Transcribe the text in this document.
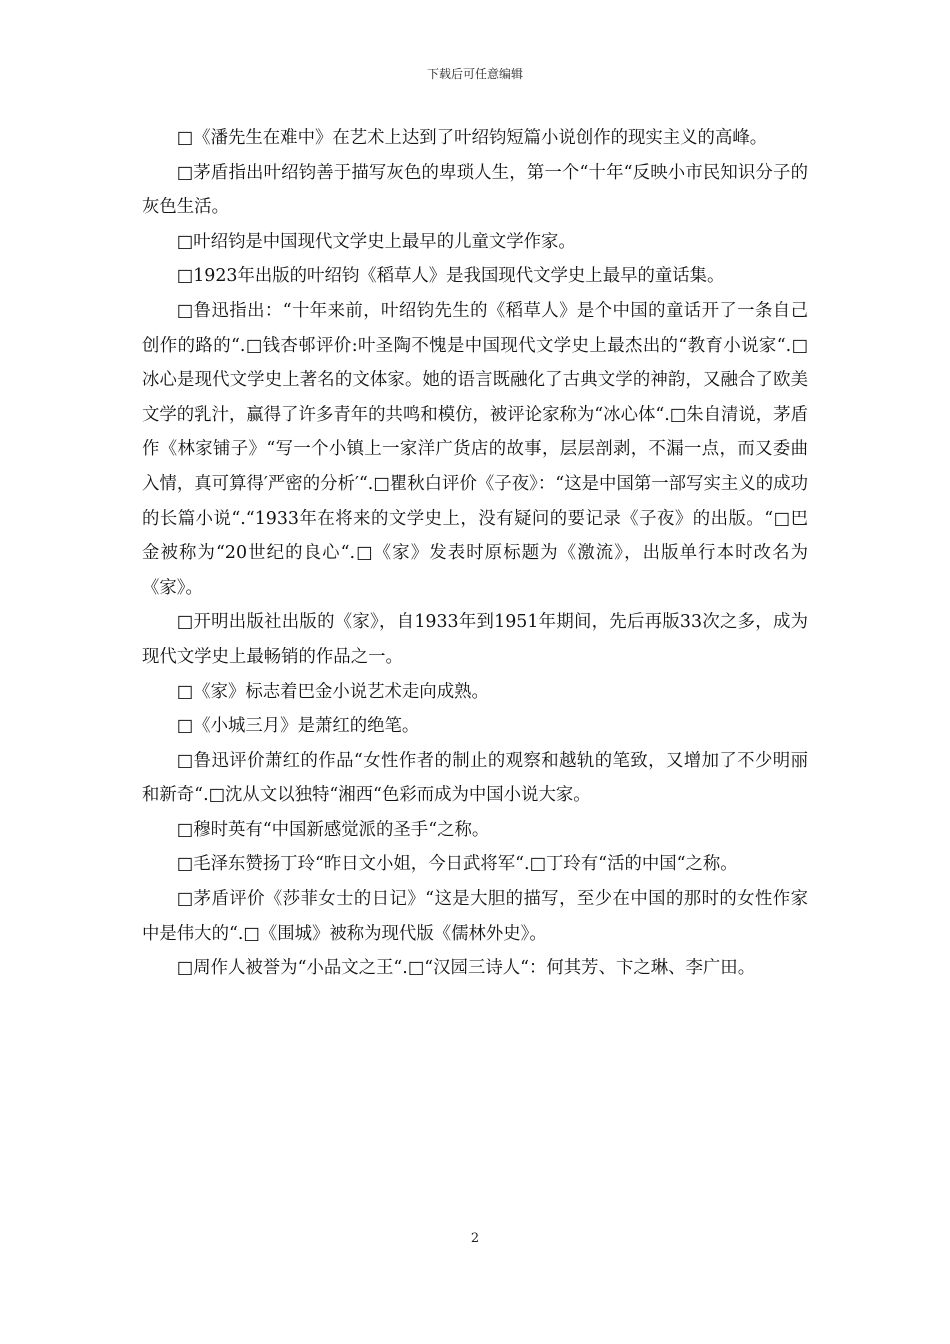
下载后可任意编辑

□《潘先生在难中》在艺术上达到了叶绍钧短篇小说创作的现实主义的高峰。

□茅盾指出叶绍钧善于描写灰色的卑琐人生，第一个“十年“反映小市民知识分子的灰色生活。

□叶绍钧是中国现代文学史上最早的儿童文学作家。

□1923年出版的叶绍钧《稻草人》是我国现代文学史上最早的童话集。

□鲁迅指出：“十年来前，叶绍钧先生的《稻草人》是个中国的童话开了一条自己创作的路的“.□钱杏邨评价:叶圣陶不愧是中国现代文学史上最杰出的“教育小说家“.□冰心是现代文学史上著名的文体家。她的语言既融化了古典文学的神韵，又融合了欧美文学的乳汁，赢得了许多青年的共鸣和模仿，被评论家称为“冰心体“.□朱自清说，茅盾作《林家铺子》“写一个小镇上一家洋广货店的故事，层层剖剥，不漏一点，而又委曲入情，真可算得′严密的分析′“.□瞿秋白评价《子夜》：“这是中国第一部写实主义的成功的长篇小说“.“1933年在将来的文学史上，没有疑问的要记录《子夜》的出版。“□巴金被称为“20世纪的良心“.□《家》发表时原标题为《激流》，出版单行本时改名为《家》。

□开明出版社出版的《家》，自1933年到1951年期间，先后再版33次之多，成为现代文学史上最畅销的作品之一。

□《家》标志着巴金小说艺术走向成熟。

□《小城三月》是萧红的绝笔。

□鲁迅评价萧红的作品“女性作者的制止的观察和越轨的笔致，又增加了不少明丽和新奇“.□沈从文以独特“湘西“色彩而成为中国小说大家。

□穆时英有“中国新感觉派的圣手“之称。

□毛泽东赞扬丁玲“昨日文小姐，今日武将军“.□丁玲有“活的中国“之称。

□茅盾评价《莎菲女士的日记》“这是大胆的描写，至少在中国的那时的女性作家中是伟大的“.□《围城》被称为现代版《儒林外史》。

□周作人被誉为“小品文之王“.□“汉园三诗人“：何其芳、卞之琳、李广田。

2
